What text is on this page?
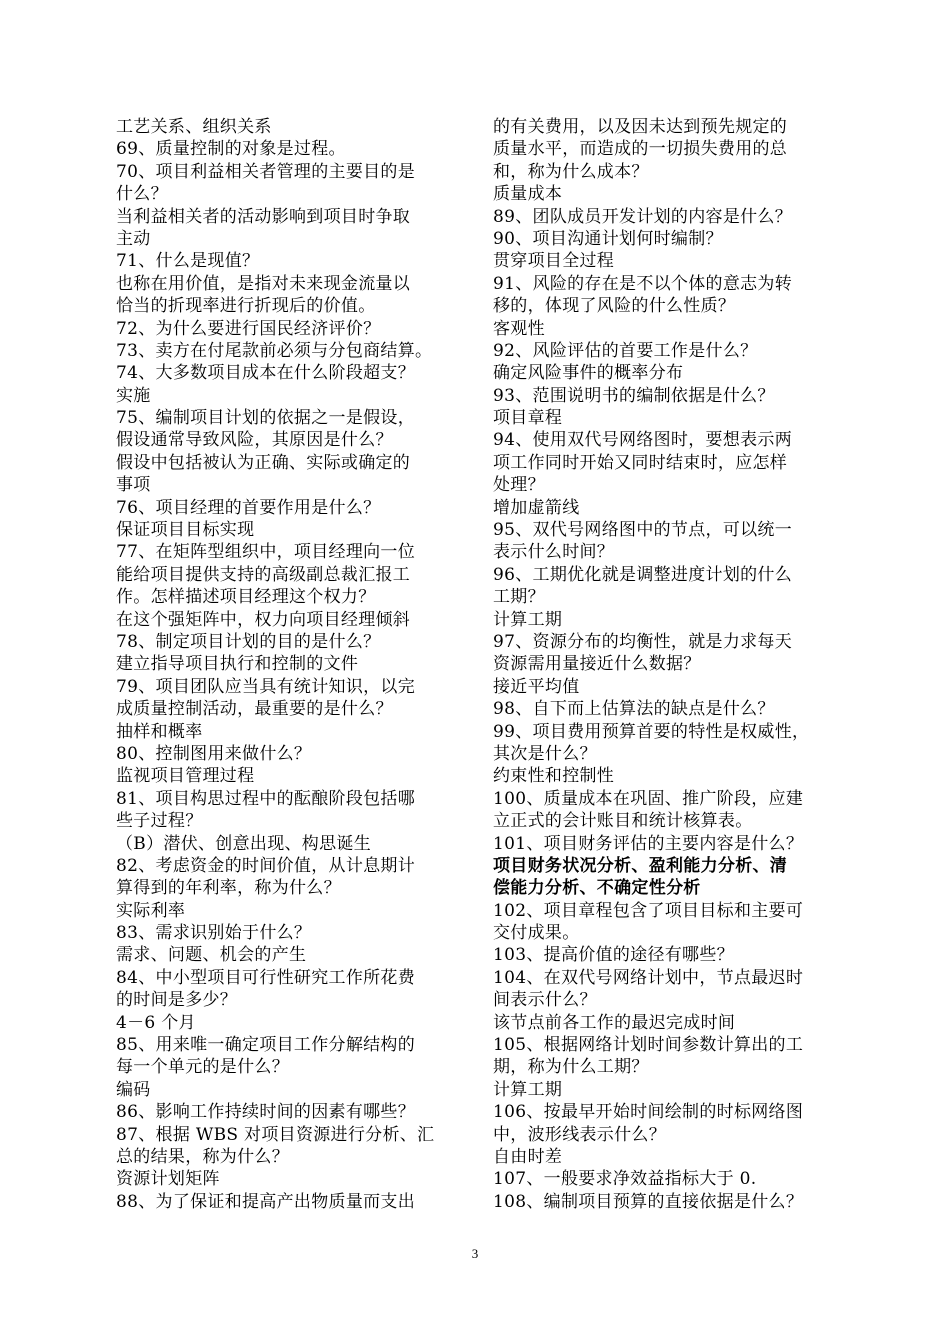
工艺关系、组织关系
69、质量控制的对象是过程。
70、项目利益相关者管理的主要目的是
什么？
当利益相关者的活动影响到项目时争取
主动
71、什么是现值？
也称在用价值，是指对未来现金流量以
恰当的折现率进行折现后的价值。
72、为什么要进行国民经济评价？
73、卖方在付尾款前必须与分包商结算。
74、大多数项目成本在什么阶段超支？
实施
75、编制项目计划的依据之一是假设，
假设通常导致风险，其原因是什么？
假设中包括被认为正确、实际或确定的
事项
76、项目经理的首要作用是什么？
保证项目目标实现
77、在矩阵型组织中，项目经理向一位
能给项目提供支持的高级副总裁汇报工
作。怎样描述项目经理这个权力？
在这个强矩阵中，权力向项目经理倾斜
78、制定项目计划的目的是什么？
建立指导项目执行和控制的文件
79、项目团队应当具有统计知识，以完
成质量控制活动，最重要的是什么？
抽样和概率
80、控制图用来做什么？
监视项目管理过程
81、项目构思过程中的酝酿阶段包括哪
些子过程？
（B）潜伏、创意出现、构思诞生
82、考虑资金的时间价值，从计息期计
算得到的年利率，称为什么？
实际利率
83、需求识别始于什么？
需求、问题、机会的产生
84、中小型项目可行性研究工作所花费
的时间是多少？
4－6 个月
85、用来唯一确定项目工作分解结构的
每一个单元的是什么？
编码
86、影响工作持续时间的因素有哪些？
87、根据 WBS 对项目资源进行分析、汇
总的结果，称为什么？
资源计划矩阵
88、为了保证和提高产出物质量而支出
的有关费用，以及因未达到预先规定的
质量水平，而造成的一切损失费用的总
和，称为什么成本？
质量成本
89、团队成员开发计划的内容是什么？
90、项目沟通计划何时编制？
贯穿项目全过程
91、风险的存在是不以个体的意志为转
移的，体现了风险的什么性质？
客观性
92、风险评估的首要工作是什么？
确定风险事件的概率分布
93、范围说明书的编制依据是什么？
项目章程
94、使用双代号网络图时，要想表示两
项工作同时开始又同时结束时，应怎样
处理？
增加虚箭线
95、双代号网络图中的节点，可以统一
表示什么时间？
96、工期优化就是调整进度计划的什么
工期？
计算工期
97、资源分布的均衡性，就是力求每天
资源需用量接近什么数据？
接近平均值
98、自下而上估算法的缺点是什么？
99、项目费用预算首要的特性是权威性，
其次是什么？
约束性和控制性
100、质量成本在巩固、推广阶段，应建
立正式的会计账目和统计核算表。
101、项目财务评估的主要内容是什么？
项目财务状况分析、盈利能力分析、清
偿能力分析、不确定性分析
102、项目章程包含了项目目标和主要可
交付成果。
103、提高价值的途径有哪些？
104、在双代号网络计划中，节点最迟时
间表示什么？
该节点前各工作的最迟完成时间
105、根据网络计划时间参数计算出的工
期，称为什么工期？
计算工期
106、按最早开始时间绘制的时标网络图
中，波形线表示什么？
自由时差
107、一般要求净效益指标大于 0.
108、编制项目预算的直接依据是什么？
3
